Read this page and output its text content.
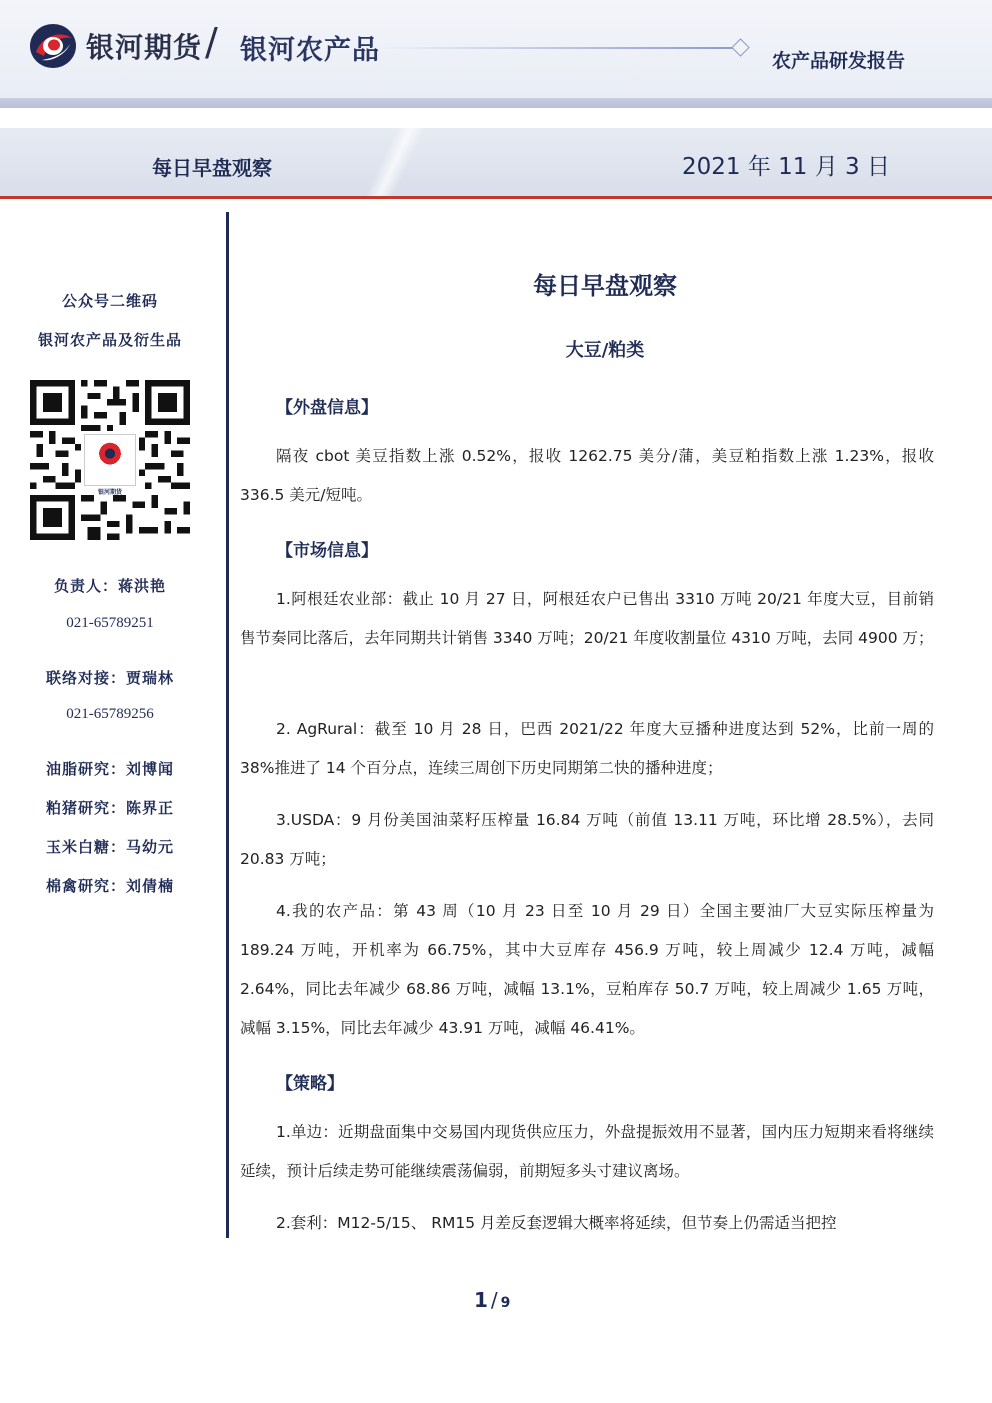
银河期货 / 银河农产品	农产品研发报告
每日早盘观察	2021 年 11 月 3 日
公众号二维码
银河农产品及衍生品
银河期货
负责人：蒋洪艳
021-65789251
联络对接：贾瑞林
021-65789256
油脂研究：刘博闻
粕猪研究：陈界正
玉米白糖：马幼元
棉禽研究：刘倩楠
每日早盘观察
大豆/粕类
【外盘信息】
隔夜 cbot 美豆指数上涨 0.52%，报收 1262.75 美分/蒲，美豆粕指数上涨 1.23%，报收 336.5 美元/短吨。
【市场信息】
1.阿根廷农业部：截止 10 月 27 日，阿根廷农户已售出 3310 万吨 20/21 年度大豆，目前销售节奏同比落后，去年同期共计销售 3340 万吨；20/21 年度收割量位 4310 万吨，去同 4900 万；
2. AgRural：截至 10 月 28 日，巴西 2021/22 年度大豆播种进度达到 52%，比前一周的 38%推进了 14 个百分点，连续三周创下历史同期第二快的播种进度；
3.USDA：9 月份美国油菜籽压榨量 16.84 万吨（前值 13.11 万吨，环比增 28.5%），去同 20.83 万吨；
4.我的农产品：第 43 周（10 月 23 日至 10 月 29 日）全国主要油厂大豆实际压榨量为 189.24 万吨，开机率为 66.75%，其中大豆库存 456.9 万吨，较上周减少 12.4 万吨，减幅 2.64%，同比去年减少 68.86 万吨，减幅 13.1%，豆粕库存 50.7 万吨，较上周减少 1.65 万吨，减幅 3.15%，同比去年减少 43.91 万吨，减幅 46.41%。
【策略】
1.单边：近期盘面集中交易国内现货供应压力，外盘提振效用不显著，国内压力短期来看将继续延续，预计后续走势可能继续震荡偏弱，前期短多头寸建议离场。
2.套利：M12-5/15、 RM15 月差反套逻辑大概率将延续，但节奏上仍需适当把控
1 / 9
